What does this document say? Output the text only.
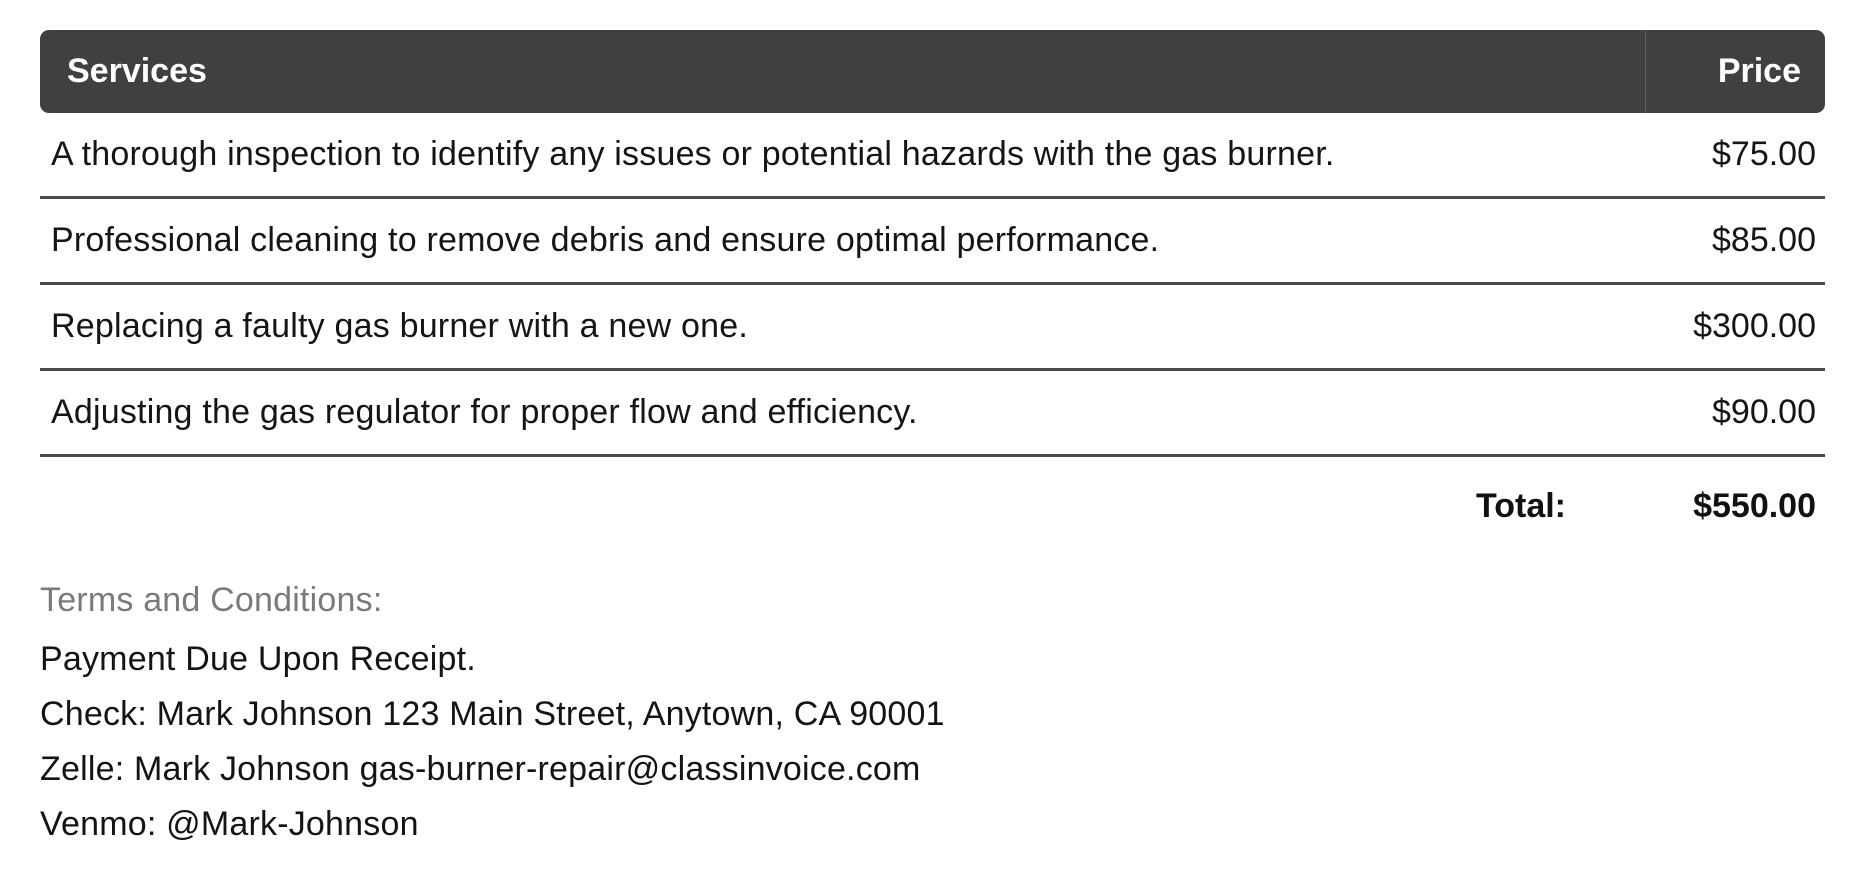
Services	Price
A thorough inspection to identify any issues or potential hazards with the gas burner.	$75.00
Professional cleaning to remove debris and ensure optimal performance.	$85.00
Replacing a faulty gas burner with a new one.	$300.00
Adjusting the gas regulator for proper flow and efficiency.	$90.00
Total:	$550.00
Terms and Conditions:
Payment Due Upon Receipt.
Check: Mark Johnson 123 Main Street, Anytown, CA 90001
Zelle: Mark Johnson gas-burner-repair@classinvoice.com
Venmo: @Mark-Johnson
